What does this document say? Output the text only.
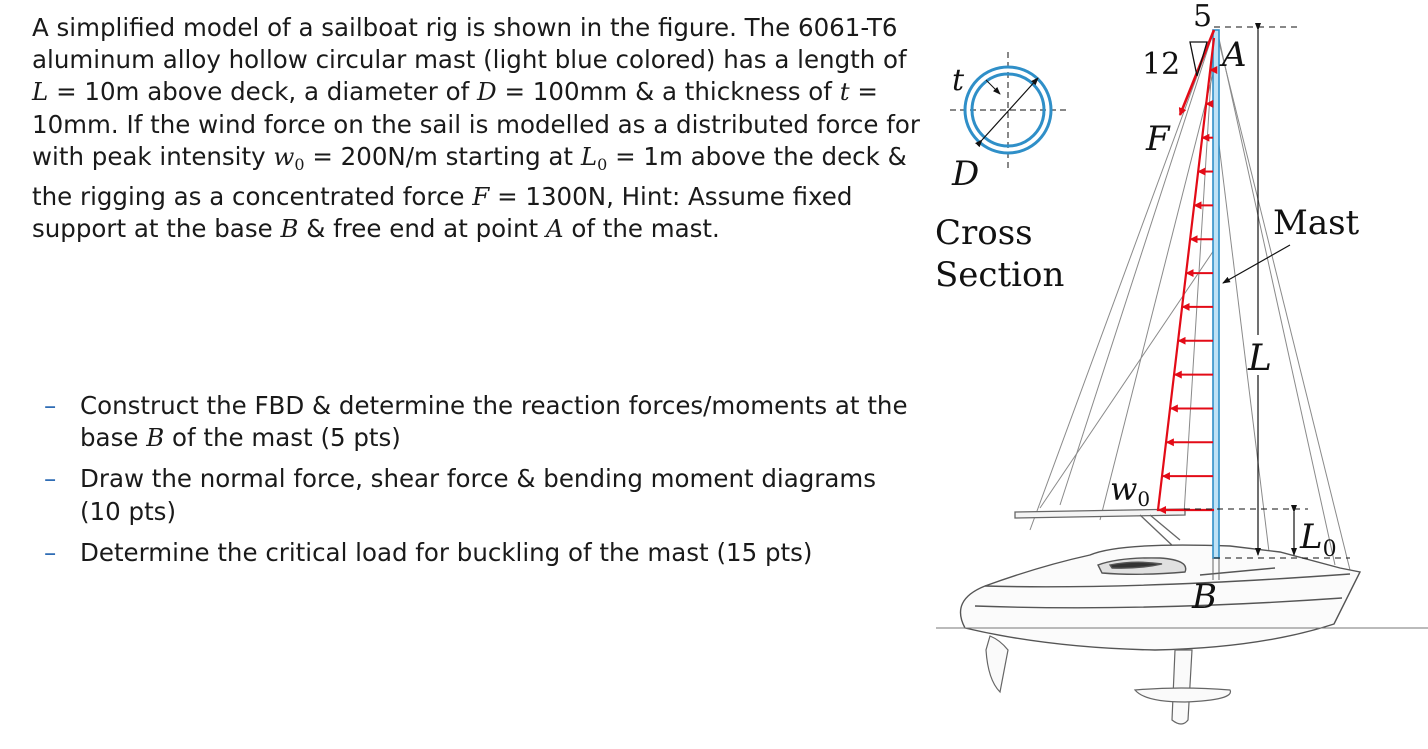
A simplified model of a sailboat rig is shown in the figure. The 6061-T6 aluminum alloy hollow circular mast (light blue colored) has a length of L = 10m above deck, a diameter of D = 100mm & a thickness of t = 10mm. If the wind force on the sail is modelled as a distributed force for with peak intensity $w_0 = 200N/m$ starting at $L_0 = 1m$ above the deck & the rigging as a concentrated force F = 1300N, Hint: Assume fixed support at the base B & free end at point A of the mast.

– Construct the FBD & determine the reaction forces/moments at the base B of the mast (5 pts)
– Draw the normal force, shear force & bending moment diagrams (10 pts)
– Determine the critical load for buckling of the mast (15 pts)
5
12
L
$L_0$
A
F
w0
B
Mast
t
D
Cross
Section
